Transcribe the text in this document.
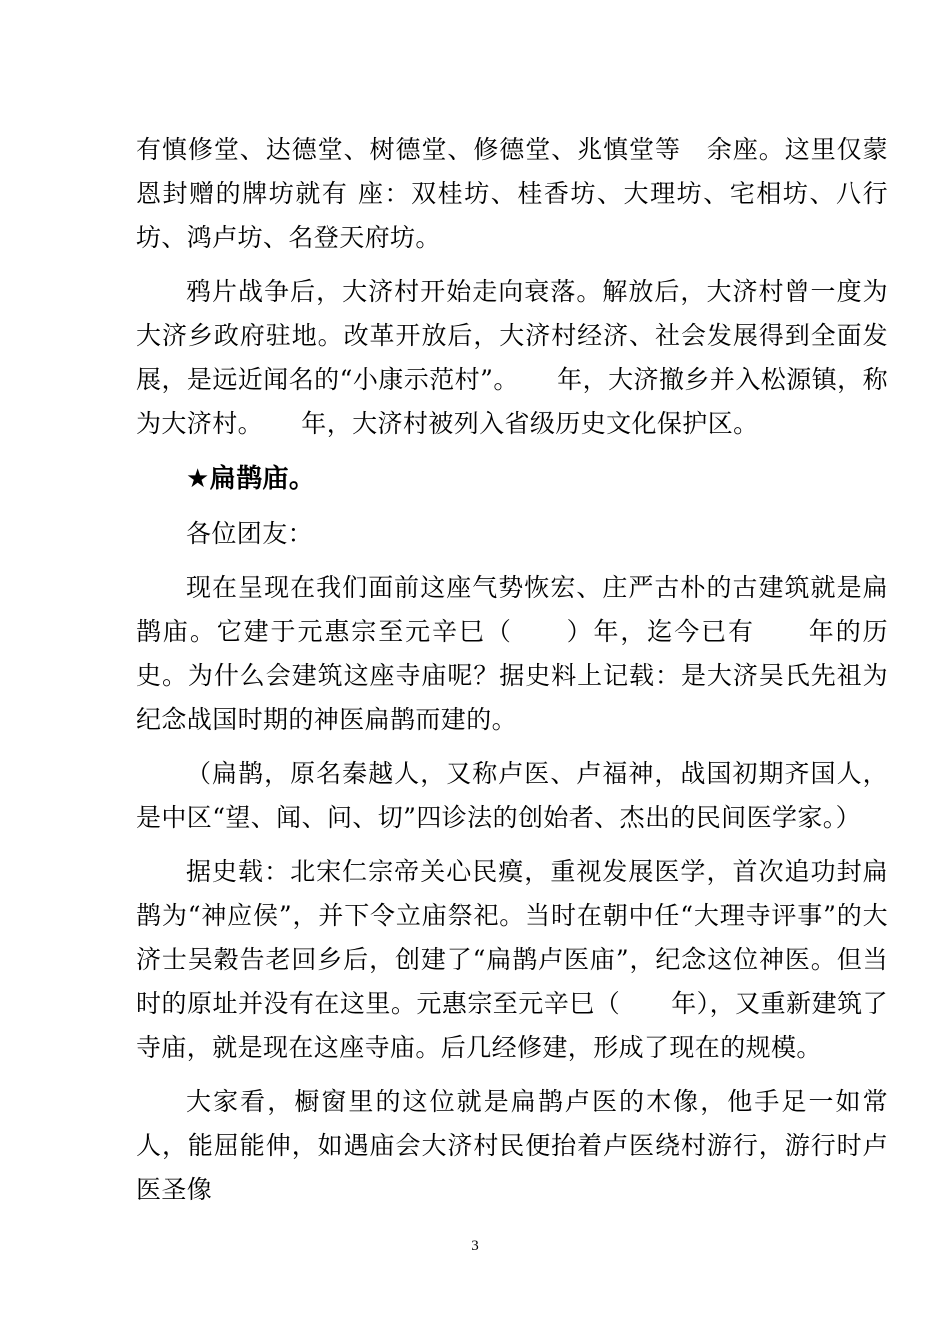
有慎修堂、达德堂、树德堂、修德堂、兆慎堂等　余座。这里仅蒙恩封赠的牌坊就有 座：双桂坊、桂香坊、大理坊、宅相坊、八行坊、鸿卢坊、名登天府坊。

鸦片战争后，大济村开始走向衰落。解放后，大济村曾一度为大济乡政府驻地。改革开放后，大济村经济、社会发展得到全面发展，是远近闻名的“小康示范村”。　　年，大济撤乡并入松源镇，称为大济村。　　年，大济村被列入省级历史文化保护区。

★扁鹊庙。

各位团友：

现在呈现在我们面前这座气势恢宏、庄严古朴的古建筑就是扁鹊庙。它建于元惠宗至元辛巳（　　）年，迄今已有　　年的历史。为什么会建筑这座寺庙呢？据史料上记载：是大济吴氏先祖为纪念战国时期的神医扁鹊而建的。

（扁鹊，原名秦越人，又称卢医、卢福神，战国初期齐国人，是中区“望、闻、问、切”四诊法的创始者、杰出的民间医学家。）

据史载：北宋仁宗帝关心民瘼，重视发展医学，首次追功封扁鹊为“神应侯”，并下令立庙祭祀。当时在朝中任“大理寺评事”的大济士吴穀告老回乡后，创建了“扁鹊卢医庙”，纪念这位神医。但当时的原址并没有在这里。元惠宗至元辛巳（　　年），又重新建筑了寺庙，就是现在这座寺庙。后几经修建，形成了现在的规模。

大家看，橱窗里的这位就是扁鹊卢医的木像，他手足一如常人，能屈能伸，如遇庙会大济村民便抬着卢医绕村游行，游行时卢医圣像

3
